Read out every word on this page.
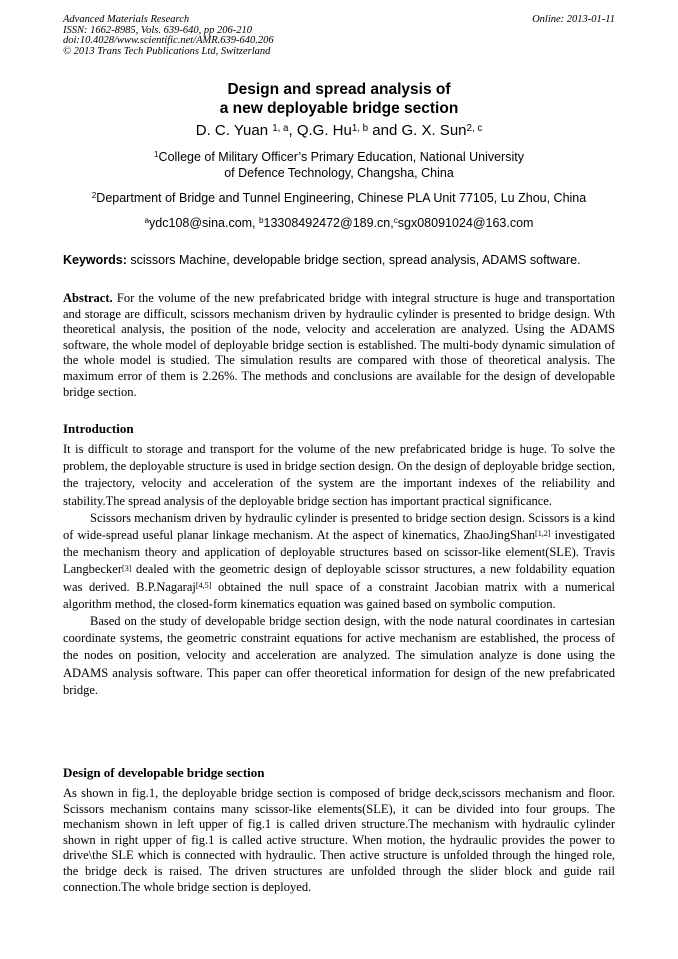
Advanced Materials Research
ISSN: 1662-8985, Vols. 639-640, pp 206-210
doi:10.4028/www.scientific.net/AMR.639-640.206
© 2013 Trans Tech Publications Ltd, Switzerland
Online: 2013-01-11
Design and spread analysis of
a new deployable bridge section
D. C. Yuan $^{1, a}$, Q.G. Hu$^{1, b}$ and G. X. Sun$^{2, c}$
$^1$College of Military Officer’s Primary Education, National University
of Defence Technology, Changsha, China
$^2$Department of Bridge and Tunnel Engineering, Chinese PLA Unit 77105, Lu Zhou, China
$^a$ydc108@sina.com, $^b$13308492472@189.cn,$^c$sgx08091024@163.com
Keywords: scissors Machine, developable bridge section, spread analysis, ADAMS software.
Abstract. For the volume of the new prefabricated bridge with integral structure is huge and transportation and storage are difficult, scissors mechanism driven by hydraulic cylinder is presented to bridge design. Wth theoretical analysis, the position of the node, velocity and acceleration are analyzed. Using the ADAMS software, the whole model of deployable bridge section is established. The multi-body dynamic simulation of the whole model is studied. The simulation results are compared with those of theoretical analysis. The maximum error of them is 2.26%. The methods and conclusions are available for the design of developable bridge section.
Introduction

It is difficult to storage and transport for the volume of the new prefabricated bridge is huge. To solve the problem, the deployable structure is used in bridge section design. On the design of deployable bridge section, the trajectory, velocity and acceleration of the system are the important indexes of the reliability and stability.The spread analysis of the deployable bridge section has important practical significance.

Scissors mechanism driven by hydraulic cylinder is presented to bridge section design. Scissors is a kind of wide-spread useful planar linkage mechanism. At the aspect of kinematics, ZhaoJingShan[1,2] investigated the mechanism theory and application of deployable structures based on scissor-like element(SLE). Travis Langbecker[3] dealed with the geometric design of deployable scissor structures, a new foldability equation was derived. B.P.Nagaraj[4,5] obtained the null space of a constraint Jacobian matrix with a numerical algorithm method, the closed-form kinematics equation was gained based on symbolic compution.

Based on the study of developable bridge section design, with the node natural coordinates in cartesian coordinate systems, the geometric constraint equations for active mechanism are established, the process of the nodes on position, velocity and acceleration are analyzed. The simulation analyze is done using the ADAMS analysis software. This paper can offer theoretical information for design of the new prefabricated bridge.

Design of developable bridge section
As shown in fig.1, the deployable bridge section is composed of bridge deck,scissors mechanism and floor. Scissors mechanism contains many scissor-like elements(SLE), it can be divided into four groups. The mechanism shown in left upper of fig.1 is called driven structure.The mechanism with hydraulic cylinder shown in right upper of fig.1 is called active structure. When motion, the hydraulic provides the power to drive\the SLE which is connected with hydraulic. Then active structure is unfolded through the hinged role, the bridge deck is raised. The driven structures are unfolded through the slider block and guide rail connection.The whole bridge section is deployed.
